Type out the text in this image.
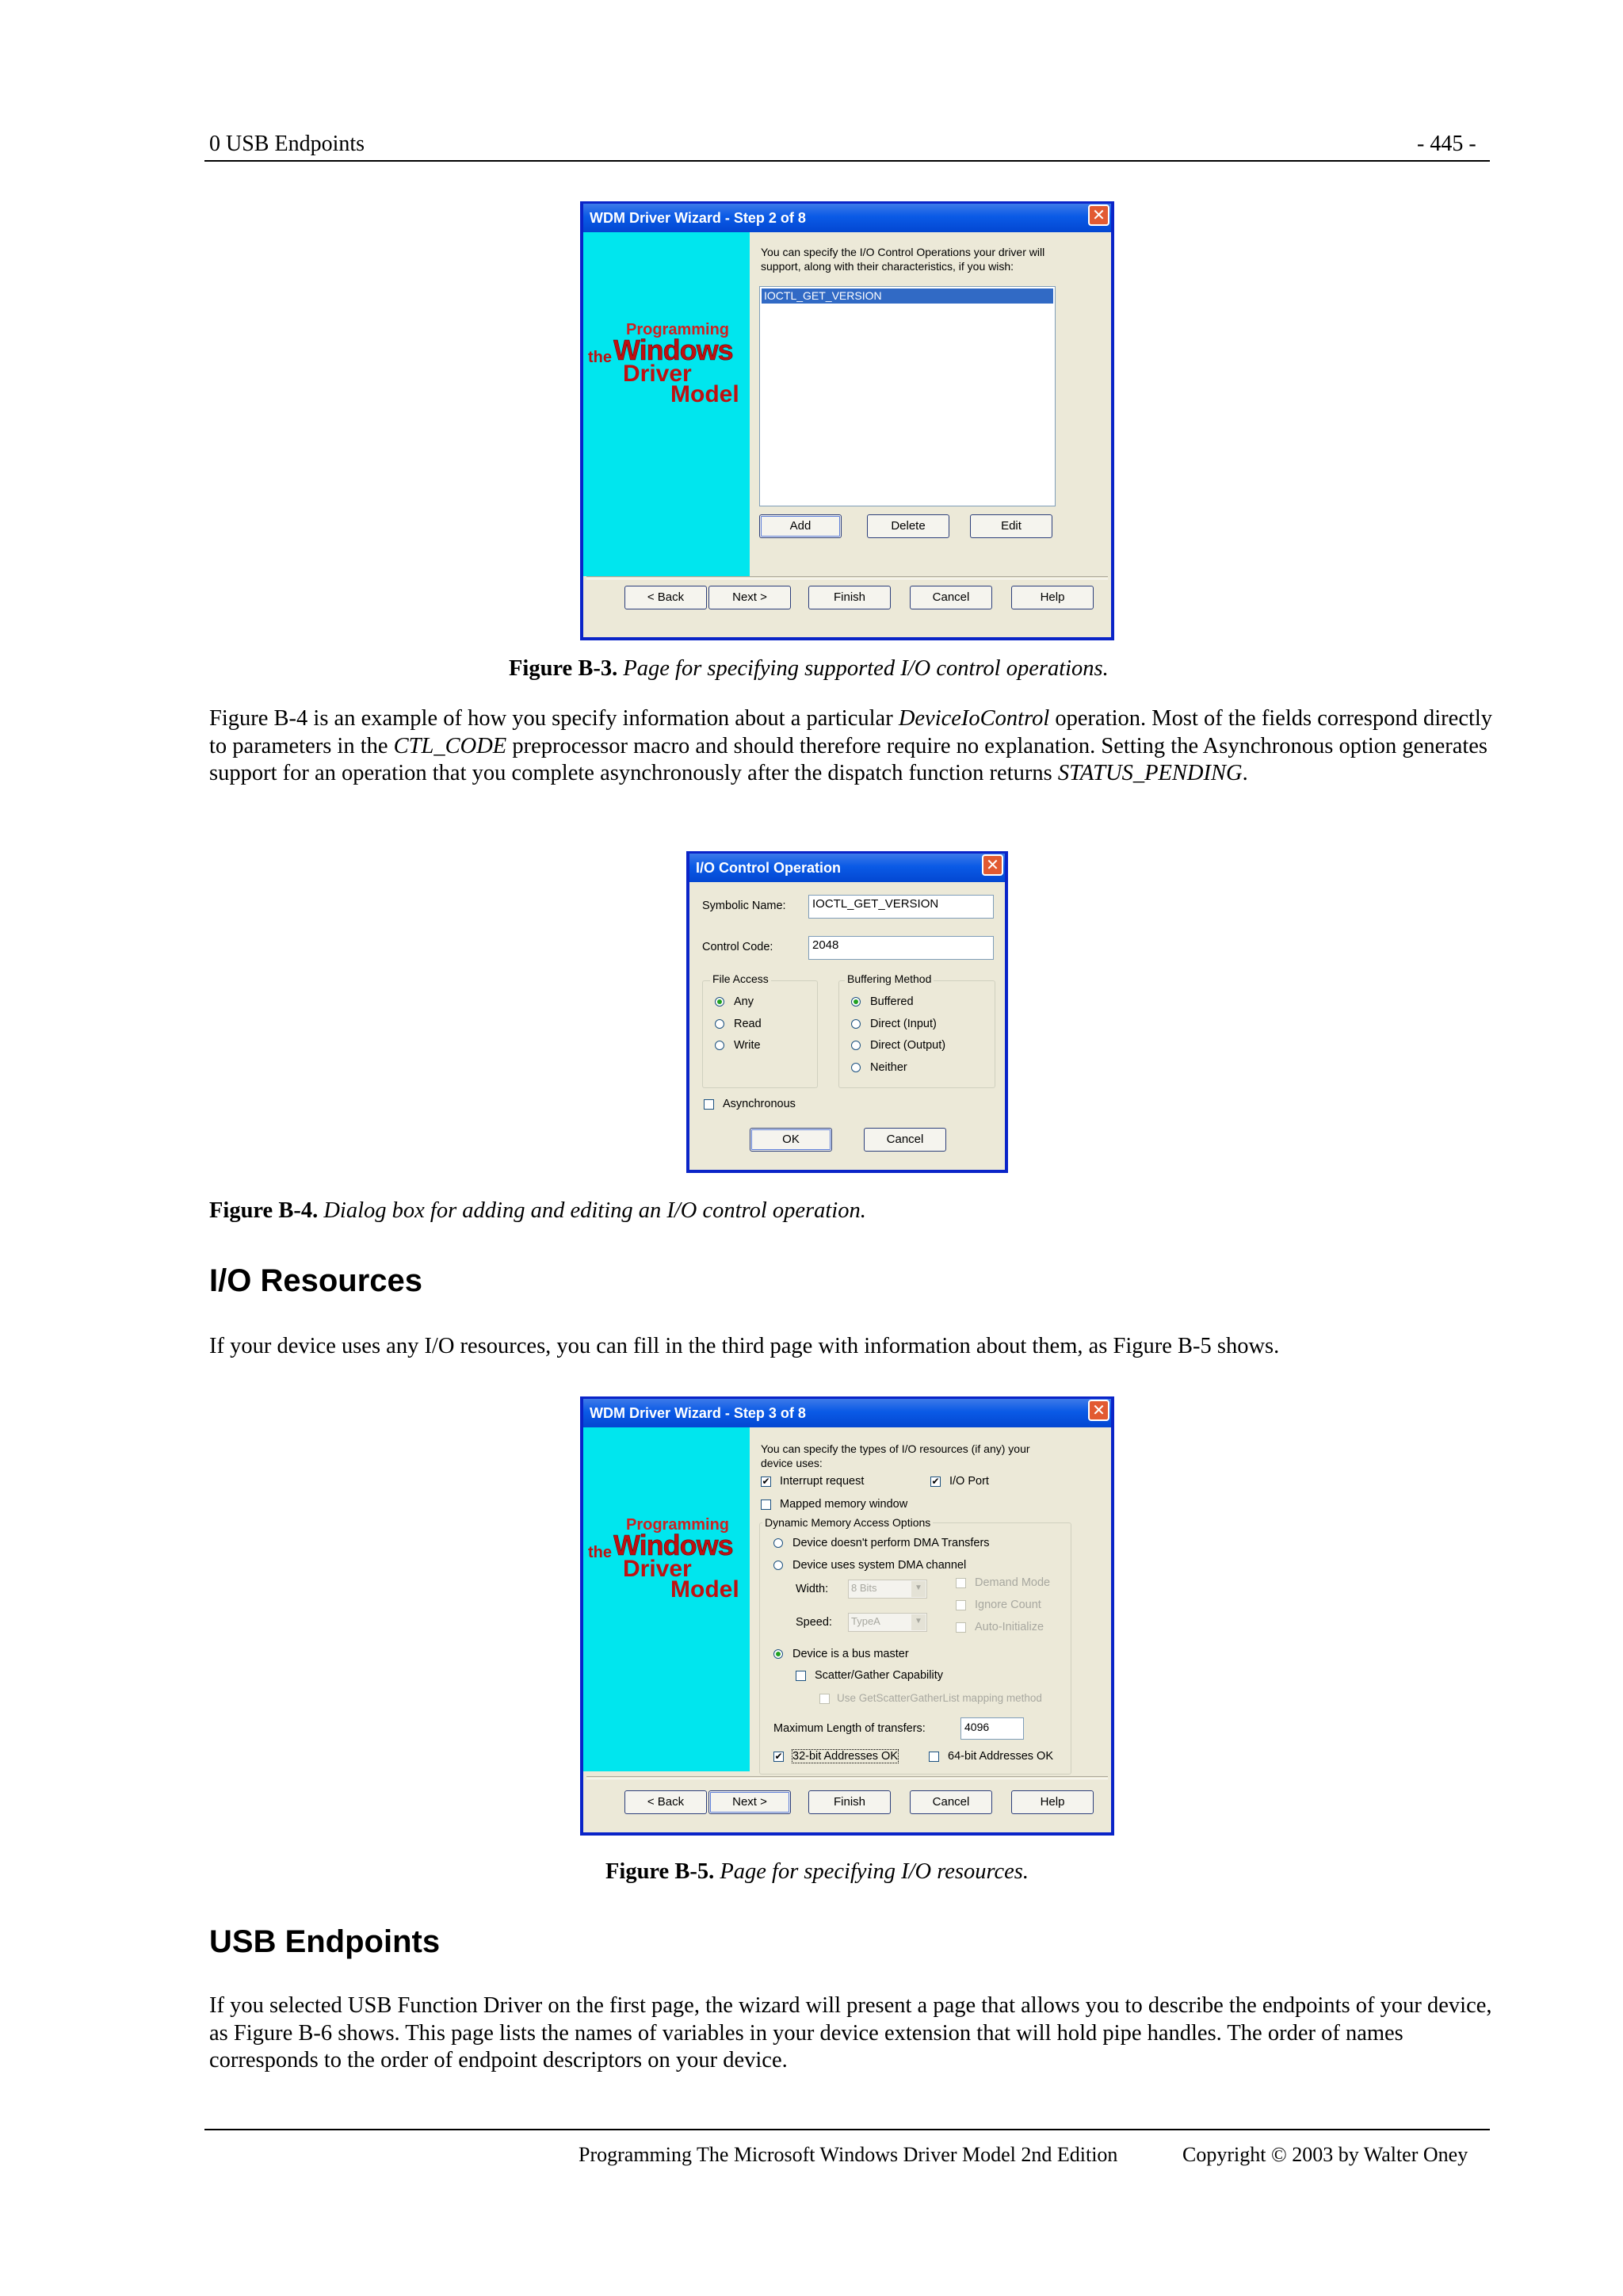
0 USB Endpoints	- 445 -
WDM Driver Wizard - Step 2 of 8	✕
Programming
the Windows
Driver
Model
You can specify the I/O Control Operations your driver will support, along with their characteristics, if you wish:
IOCTL_GET_VERSION
Add	Delete	Edit
< Back	Next >	Finish	Cancel	Help
Figure B-3. Page for specifying supported I/O control operations.
Figure B-4 is an example of how you specify information about a particular DeviceIoControl operation. Most of the fields correspond directly to parameters in the CTL_CODE preprocessor macro and should therefore require no explanation. Setting the Asynchronous option generates support for an operation that you complete asynchronously after the dispatch function returns STATUS_PENDING.
I/O Control Operation	✕
Symbolic Name:	IOCTL_GET_VERSION
Control Code:	2048
File Access
Any
Read
Write
Buffering Method
Buffered
Direct (Input)
Direct (Output)
Neither
Asynchronous
OK	Cancel
Figure B-4. Dialog box for adding and editing an I/O control operation.
I/O Resources
If your device uses any I/O resources, you can fill in the third page with information about them, as Figure B-5 shows.
WDM Driver Wizard - Step 3 of 8	✕
Programming
the Windows
Driver
Model
You can specify the types of I/O resources (if any) your device uses:
✔ Interrupt request	✔ I/O Port
Mapped memory window
Dynamic Memory Access Options
Device doesn't perform DMA Transfers
Device uses system DMA channel
Width:	8 Bits	▼
Speed:	TypeA	▼
Demand Mode
Ignore Count
Auto-Initialize
Device is a bus master
Scatter/Gather Capability
Use GetScatterGatherList mapping method
Maximum Length of transfers:	4096
✔ 32-bit Addresses OK	64-bit Addresses OK
< Back	Next >	Finish	Cancel	Help
Figure B-5. Page for specifying I/O resources.
USB Endpoints
If you selected USB Function Driver on the first page, the wizard will present a page that allows you to describe the endpoints of your device, as Figure B-6 shows. This page lists the names of variables in your device extension that will hold pipe handles. The order of names corresponds to the order of endpoint descriptors on your device.
Programming The Microsoft Windows Driver Model 2nd Edition	Copyright © 2003 by Walter Oney
